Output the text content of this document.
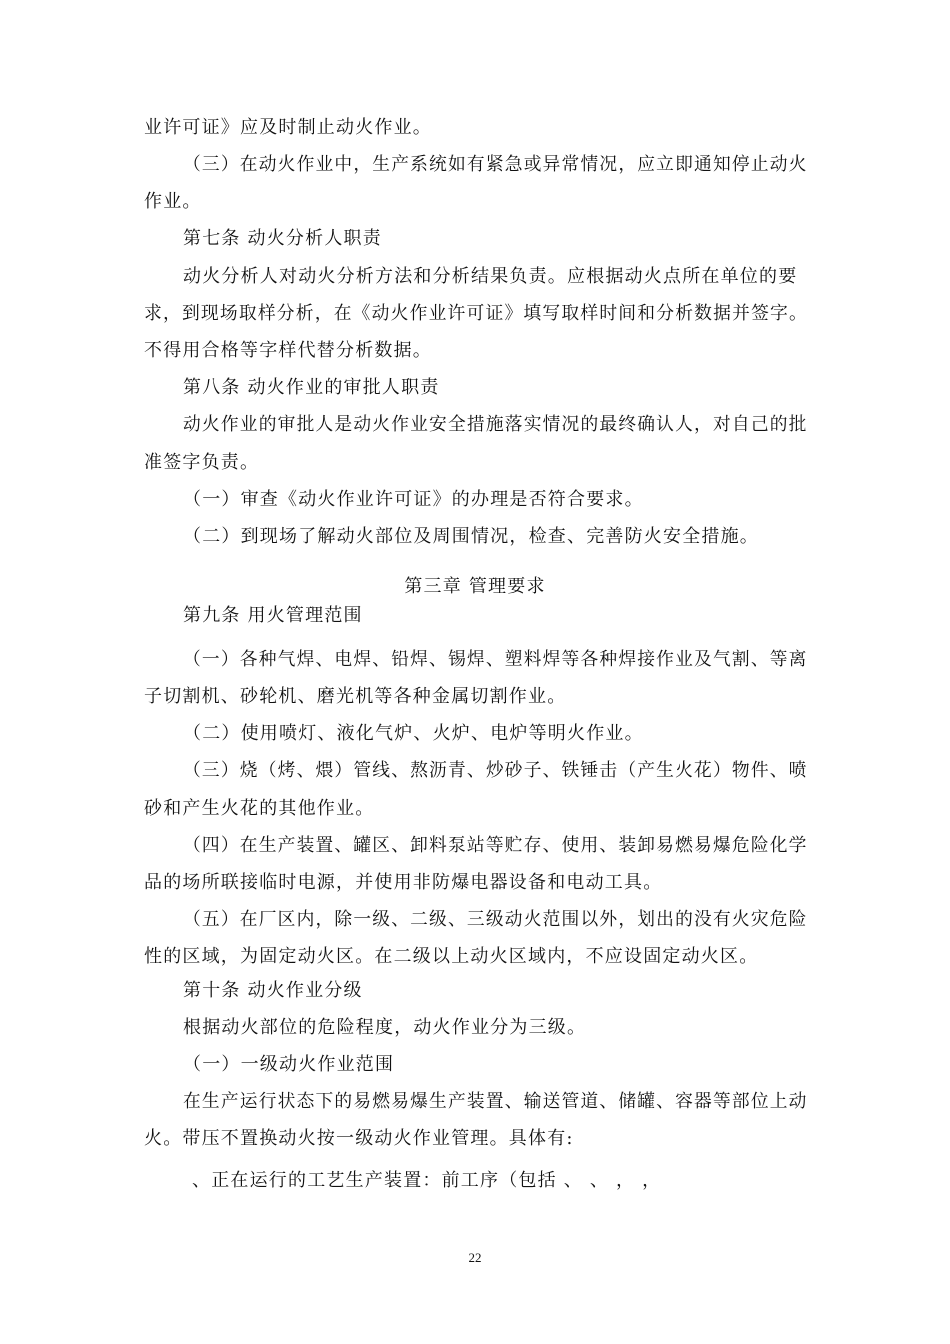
业许可证》应及时制止动火作业。
（三）在动火作业中，生产系统如有紧急或异常情况，应立即通知停止动火
作业。
第七条 动火分析人职责
动火分析人对动火分析方法和分析结果负责。应根据动火点所在单位的要
求，到现场取样分析，在《动火作业许可证》填写取样时间和分析数据并签字。
不得用合格等字样代替分析数据。
第八条 动火作业的审批人职责
动火作业的审批人是动火作业安全措施落实情况的最终确认人，对自己的批
准签字负责。
（一）审查《动火作业许可证》的办理是否符合要求。
（二）到现场了解动火部位及周围情况，检查、完善防火安全措施。
第三章 管理要求
第九条 用火管理范围
（一）各种气焊、电焊、铅焊、锡焊、塑料焊等各种焊接作业及气割、等离
子切割机、砂轮机、磨光机等各种金属切割作业。
（二）使用喷灯、液化气炉、火炉、电炉等明火作业。
（三）烧（烤、煨）管线、熬沥青、炒砂子、铁锤击（产生火花）物件、喷
砂和产生火花的其他作业。
（四）在生产装置、罐区、卸料泵站等贮存、使用、装卸易燃易爆危险化学
品的场所联接临时电源，并使用非防爆电器设备和电动工具。
（五）在厂区内，除一级、二级、三级动火范围以外，划出的没有火灾危险
性的区域，为固定动火区。在二级以上动火区域内，不应设固定动火区。
第十条 动火作业分级
根据动火部位的危险程度，动火作业分为三级。
（一）一级动火作业范围
在生产运行状态下的易燃易爆生产装置、输送管道、储罐、容器等部位上动
火。带压不置换动火按一级动火作业管理。具体有:
、正在运行的工艺生产装置：前工序（包括 、 、 ， ，
22
